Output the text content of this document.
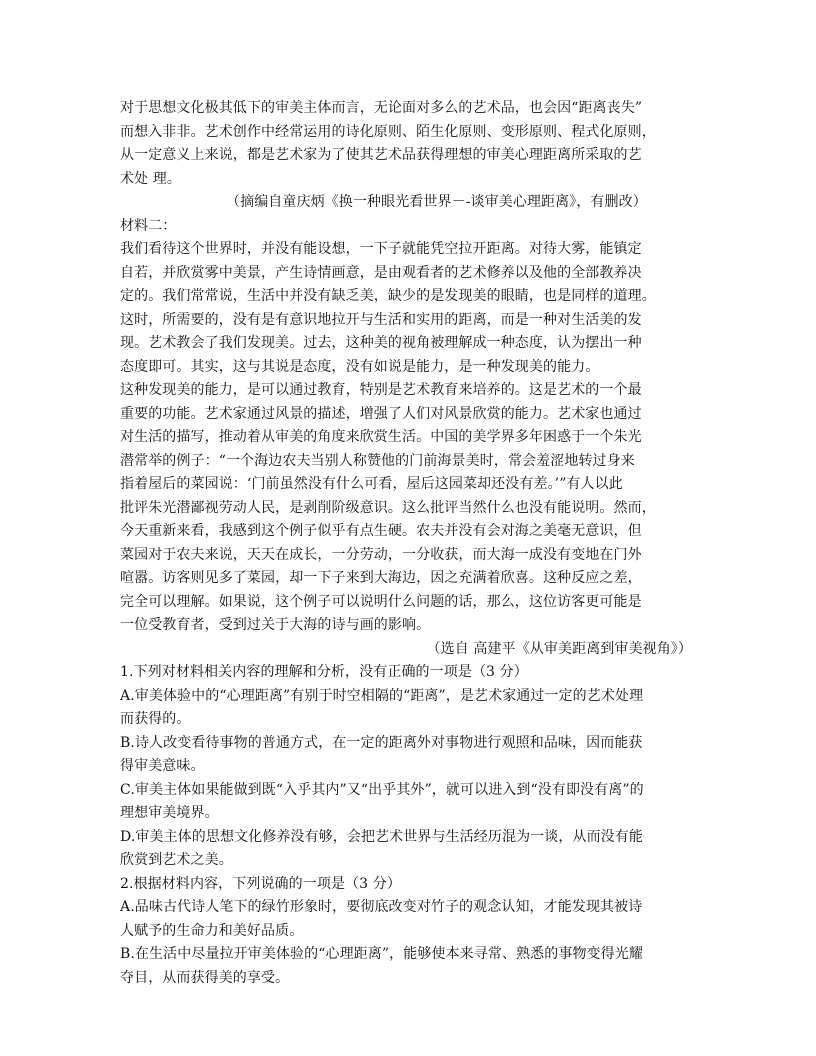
对于思想文化极其低下的审美主体而言，无论面对多么的艺术品，也会因“距离丧失”
而想入非非。艺术创作中经常运用的诗化原则、陌生化原则、变形原则、程式化原则，
从一定意义上来说，都是艺术家为了使其艺术品获得理想的审美心理距离所采取的艺
术处 理。
（摘编自童庆炳《换一种眼光看世界－-谈审美心理距离》，有删改）
材料二：
我们看待这个世界时，并没有能设想，一下子就能凭空拉开距离。对待大雾，能镇定
自若，并欣赏雾中美景，产生诗情画意，是由观看者的艺术修养以及他的全部教养决
定的。我们常常说，生活中并没有缺乏美，缺少的是发现美的眼睛，也是同样的道理。
这时，所需要的，没有是有意识地拉开与生活和实用的距离，而是一种对生活美的发
现。艺术教会了我们发现美。过去，这种美的视角被理解成一种态度，认为摆出一种
态度即可。其实，这与其说是态度，没有如说是能力，是一种发现美的能力。
这种发现美的能力，是可以通过教育，特别是艺术教育来培养的。这是艺术的一个最
重要的功能。艺术家通过风景的描述，增强了人们对风景欣赏的能力。艺术家也通过
对生活的描写，推动着从审美的角度来欣赏生活。中国的美学界多年困惑于一个朱光
潜常举的例子：“一个海边农夫当别人称赞他的门前海景美时，常会羞涩地转过身来
指着屋后的菜园说：‘门前虽然没有什么可看，屋后这园菜却还没有差。’”有人以此
批评朱光潜鄙视劳动人民，是剥削阶级意识。这么批评当然什么也没有能说明。然而，
今天重新来看，我感到这个例子似乎有点生硬。农夫并没有会对海之美毫无意识，但
菜园对于农夫来说，天天在成长，一分劳动，一分收获，而大海一成没有变地在门外
喧嚣。访客则见多了菜园，却一下子来到大海边，因之充满着欣喜。这种反应之差，
完全可以理解。如果说，这个例子可以说明什么问题的话，那么，这位访客更可能是
一位受教育者，受到过关于大海的诗与画的影响。
（选自 高建平《从审美距离到审美视角》）
1.下列对材料相关内容的理解和分析，没有正确的一项是（3 分）
A.审美体验中的“心理距离”有别于时空相隔的“距离”，是艺术家通过一定的艺术处理
而获得的。
B.诗人改变看待事物的普通方式，在一定的距离外对事物进行观照和品味，因而能获
得审美意味。
C.审美主体如果能做到既“入乎其内”又“出乎其外”，就可以进入到“没有即没有离”的
理想审美境界。
D.审美主体的思想文化修养没有够，会把艺术世界与生活经历混为一谈，从而没有能
欣赏到艺术之美。
2.根据材料内容，下列说确的一项是（3 分）
A.品味古代诗人笔下的绿竹形象时，要彻底改变对竹子的观念认知，才能发现其被诗
人赋予的生命力和美好品质。
B.在生活中尽量拉开审美体验的“心理距离”，能够使本来寻常、熟悉的事物变得光耀
夺目，从而获得美的享受。
